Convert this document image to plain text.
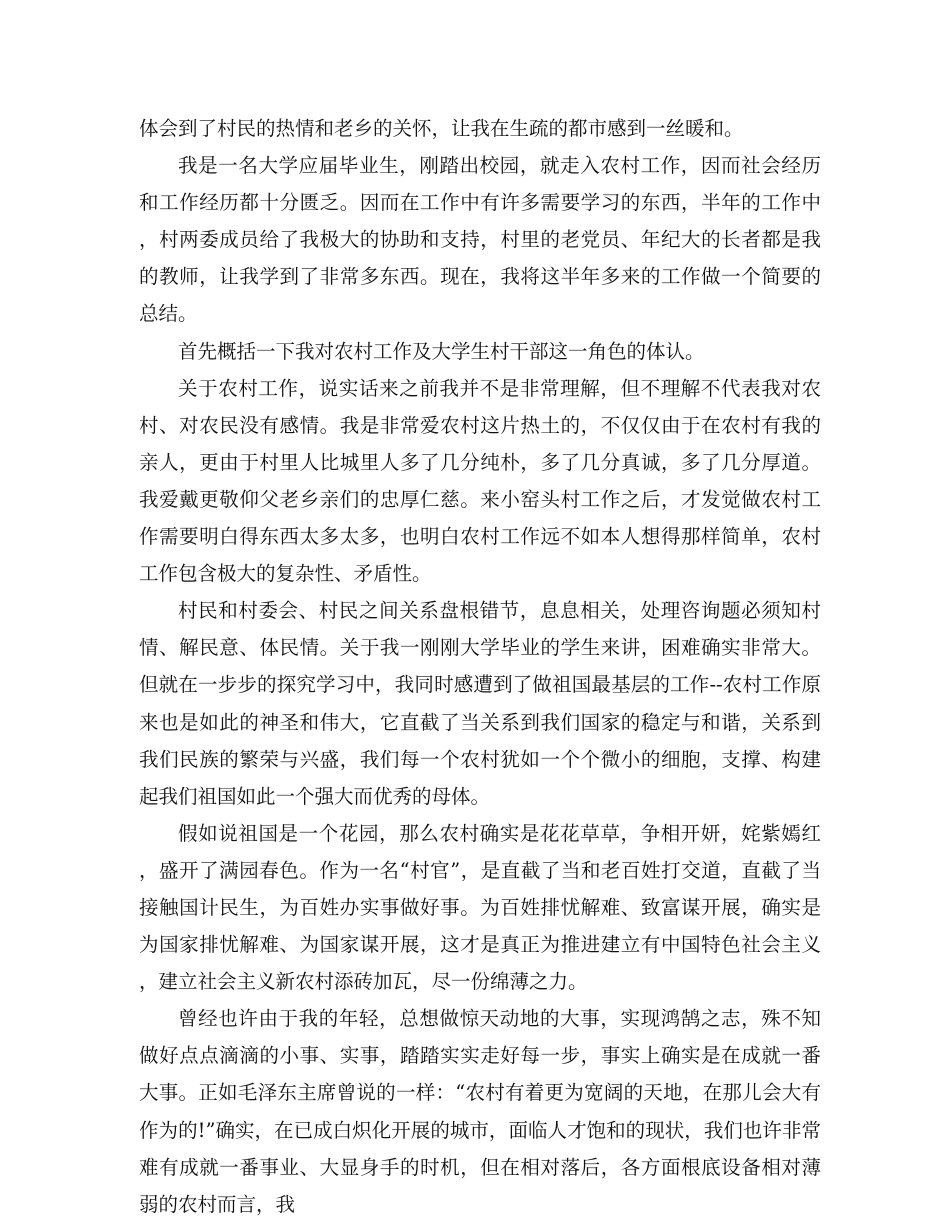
体会到了村民的热情和老乡的关怀，让我在生疏的都市感到一丝暖和。

我是一名大学应届毕业生，刚踏出校园，就走入农村工作，因而社会经历和工作经历都十分匮乏。因而在工作中有许多需要学习的东西，半年的工作中，村两委成员给了我极大的协助和支持，村里的老党员、年纪大的长者都是我的教师，让我学到了非常多东西。现在，我将这半年多来的工作做一个简要的总结。

首先概括一下我对农村工作及大学生村干部这一角色的体认。

关于农村工作，说实话来之前我并不是非常理解，但不理解不代表我对农村、对农民没有感情。我是非常爱农村这片热土的，不仅仅由于在农村有我的亲人，更由于村里人比城里人多了几分纯朴，多了几分真诚，多了几分厚道。我爱戴更敬仰父老乡亲们的忠厚仁慈。来小窑头村工作之后，才发觉做农村工作需要明白得东西太多太多，也明白农村工作远不如本人想得那样简单，农村工作包含极大的复杂性、矛盾性。

村民和村委会、村民之间关系盘根错节，息息相关，处理咨询题必须知村情、解民意、体民情。关于我一刚刚大学毕业的学生来讲，困难确实非常大。但就在一步步的探究学习中，我同时感遭到了做祖国最基层的工作--农村工作原来也是如此的神圣和伟大，它直截了当关系到我们国家的稳定与和谐，关系到我们民族的繁荣与兴盛，我们每一个农村犹如一个个微小的细胞，支撑、构建起我们祖国如此一个强大而优秀的母体。

假如说祖国是一个花园，那么农村确实是花花草草，争相开妍，姹紫嫣红，盛开了满园春色。作为一名“村官”，是直截了当和老百姓打交道，直截了当接触国计民生，为百姓办实事做好事。为百姓排忧解难、致富谋开展，确实是为国家排忧解难、为国家谋开展，这才是真正为推进建立有中国特色社会主义，建立社会主义新农村添砖加瓦，尽一份绵薄之力。

曾经也许由于我的年轻，总想做惊天动地的大事，实现鸿鹄之志，殊不知做好点点滴滴的小事、实事，踏踏实实走好每一步，事实上确实是在成就一番大事。正如毛泽东主席曾说的一样：“农村有着更为宽阔的天地，在那儿会大有作为的!”确实，在已成白炽化开展的城市，面临人才饱和的现状，我们也许非常难有成就一番事业、大显身手的时机，但在相对落后，各方面根底设备相对薄弱的农村而言，我
